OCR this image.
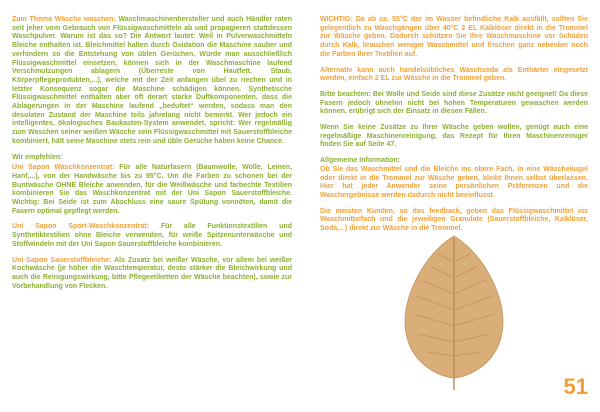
Zum Thema Wäsche waschen: Waschmaschinenhersteller und auch Händler raten seit jeher vom Gebrauch von Flüssigwaschmitteln ab und propagieren stattdessen Waschpulver. Warum ist das so? Die Antwort lautet: Weil in Pulverwaschmitteln Bleiche enthalten ist. Bleichmittel halten durch Oxidation die Maschine sauber und verhindern so die Entstehung von üblen Gerüchen. Würde man ausschließlich Flüssigwaschmittel einsetzen, können sich in der Waschmaschine laufend Verschmutzungen ablagern (Überreste von Hautfett, Staub, Körperpflegeprodukten,...), welche mit der Zeit anfangen übel zu riechen und in letzter Konsequenz sogar die Maschine schädigen können. Synthetische Flüssigwaschmittel enthalten aber oft derart starke Duftkomponenten, dass die Ablagerungen in der Maschine laufend „beduftet“ werden, sodass man den desolaten Zustand der Maschine teils jahrelang nicht bemerkt. Wer jedoch ein intelligentes, ökologisches Baukasten-System anwendet, spricht: Wer regelmäßig zum Waschen seiner weißen Wäsche sein Flüssigwaschmittel mit Sauerstoffbleiche kombiniert, hält seine Maschine stets rein und üble Gerüche haben keine Chance.

Wir empfehlen:

Uni Sapon Waschkonzentrat: Für alle Naturfasern (Baumwolle, Wolle, Leinen, Hanf,...), von der Handwäsche bis zu 95°C. Um die Farben zu schonen bei der Buntwäsche OHNE Bleiche anwenden, für die Weißwäsche und farbechte Textilien kombinieren Sie das Waschkonzentrat mit der Uni Sapon Sauerstoffbleiche. Wichtig: Bei Seide ist zum Abschluss eine saure Spülung vonnöten, damit die Fasern optimal gepflegt werden.

Uni Sapon Sport-Waschkonzentrat: Für alle Funktionstextilien und Synthetiktextilien ohne Bleiche verwenden, für weiße Spitzenunterwäsche und Stoffwindeln mit der Uni Sapon Sauerstoffbleiche kombinieren.

Uni Sapon Sauerstoffbleiche: Als Zusatz bei weißer Wäsche, vor allem bei weißer Kochwäsche (je höher die Waschtemperatur, desto stärker die Bleichwirkung und auch die Reinigungswirkung, bitte Pflegeetiketten der Wäsche beachten), sowie zur Vorbehandlung von Flecken.

WICHTIG: Da ab ca. 55°C der im Wasser befindliche Kalk ausfällt, sollten Sie gelegentlich zu Waschgängen über 40°C 2 EL Kalklöser direkt in die Trommel zur Wäsche geben. Dadurch schützen Sie Ihre Waschmaschine vor Schäden durch Kalk, brauchen weniger Waschmittel und frischen ganz nebenbei noch die Farben Ihrer Textilien auf.

Alternativ kann auch handelsübliches Waschsoda als Enthärter eingesetzt werden, einfach 2 EL zur Wäsche in die Trommel geben.

Bitte beachten: Bei Wolle und Seide sind diese Zusätze nicht geeignet! Da diese Fasern jedoch ohnehin nicht bei hohen Temperaturen gewaschen werden können, erübrigt sich der Einsatz in diesen Fällen.

Wenn Sie keine Zusätze zu Ihrer Wäsche geben wollen, genügt auch eine regelmäßige Maschinenreinigung, das Rezept für Ihren Maschinenreiniger finden Sie auf Seite 47.

Allgemeine Information:
Ob Sie das Waschmittel und die Bleiche ins obere Fach, in eine Wäschekugel oder direkt in die Trommel zur Wäsche geben, bleibt Ihnen selbst überlassen. Hier hat jeder Anwender seine persönlichen Präferenzen und die Waschergebnisse werden dadurch nicht beeinflusst.

Die meisten Kunden, so das feedback, geben das Flüssigwaschmittel ins Waschmittelfach und die jeweiligen Granulate (Sauerstoffbleiche, Kalklöser, Soda,...) direkt zur Wäsche in die Trommel.

51
